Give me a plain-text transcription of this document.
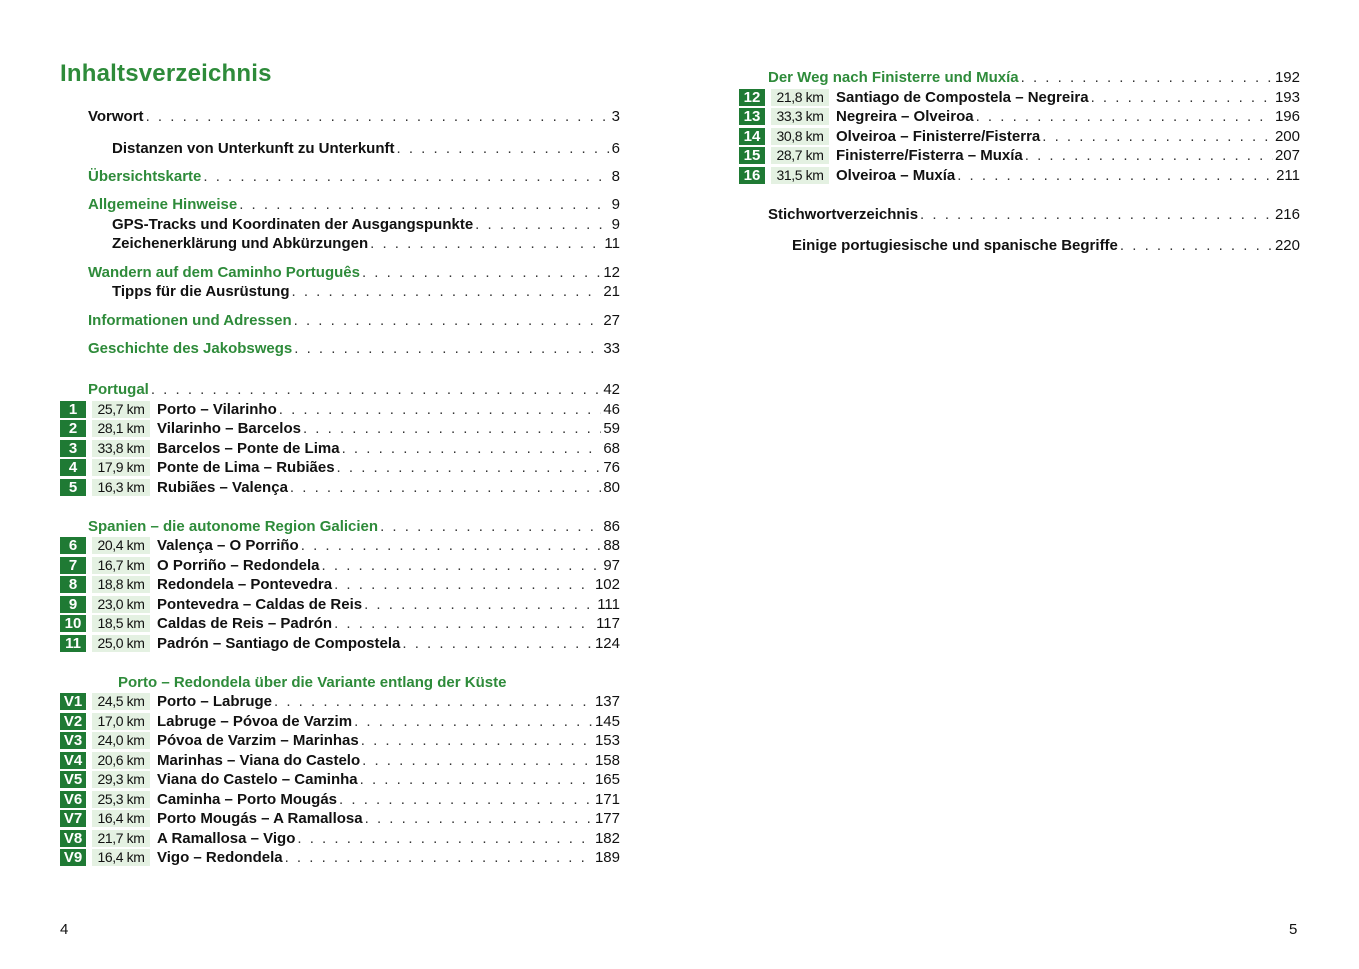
Inhaltsverzeichnis
Vorwort . . .	3
Distanzen von Unterkunft zu Unterkunft . . .	6
Übersichtskarte . . .	8
Allgemeine Hinweise . . .	9
GPS-Tracks und Koordinaten der Ausgangspunkte . . .	9
Zeichenerklärung und Abkürzungen . . .	11
Wandern auf dem Caminho Português . . .	12
Tipps für die Ausrüstung . . .	21
Informationen und Adressen . . .	27
Geschichte des Jakobswegs . . .	33
Portugal . . .	42
1	25,7 km Porto – Vilarinho . . .	46
2	28,1 km Vilarinho – Barcelos . . .	59
3	33,8 km Barcelos – Ponte de Lima . . .	68
4	17,9 km Ponte de Lima – Rubiães . . .	76
5	16,3 km Rubiães – Valença . . .	80
Spanien – die autonome Region Galicien . . .	86
6	20,4 km Valença – O Porriño . . .	88
7	16,7 km O Porriño – Redondela . . .	97
8	18,8 km Redondela – Pontevedra . . .	102
9	23,0 km Pontevedra – Caldas de Reis . . .	111
10	18,5 km Caldas de Reis – Padrón . . .	117
11	25,0 km Padrón – Santiago de Compostela . . .	124
Porto – Redondela über die Variante entlang der Küste
V1	24,5 km Porto – Labruge . . .	137
V2	17,0 km Labruge – Póvoa de Varzim . . .	145
V3	24,0 km Póvoa de Varzim – Marinhas . . .	153
V4	20,6 km Marinhas – Viana do Castelo . . .	158
V5	29,3 km Viana do Castelo – Caminha . . .	165
V6	25,3 km Caminha – Porto Mougás . . .	171
V7	16,4 km Porto Mougás – A Ramallosa . . .	177
V8	21,7 km A Ramallosa – Vigo . . .	182
V9	16,4 km Vigo – Redondela . . .	189
4
Der Weg nach Finisterre und Muxía . . .	192
12	21,8 km Santiago de Compostela – Negreira . . .	193
13	33,3 km Negreira – Olveiroa . . .	196
14	30,8 km Olveiroa – Finisterre/Fisterra . . .	200
15	28,7 km Finisterre/Fisterra – Muxía . . .	207
16	31,5 km Olveiroa – Muxía . . .	211
Stichwortverzeichnis . . .	216
Einige portugiesische und spanische Begriffe . . .	220
5
